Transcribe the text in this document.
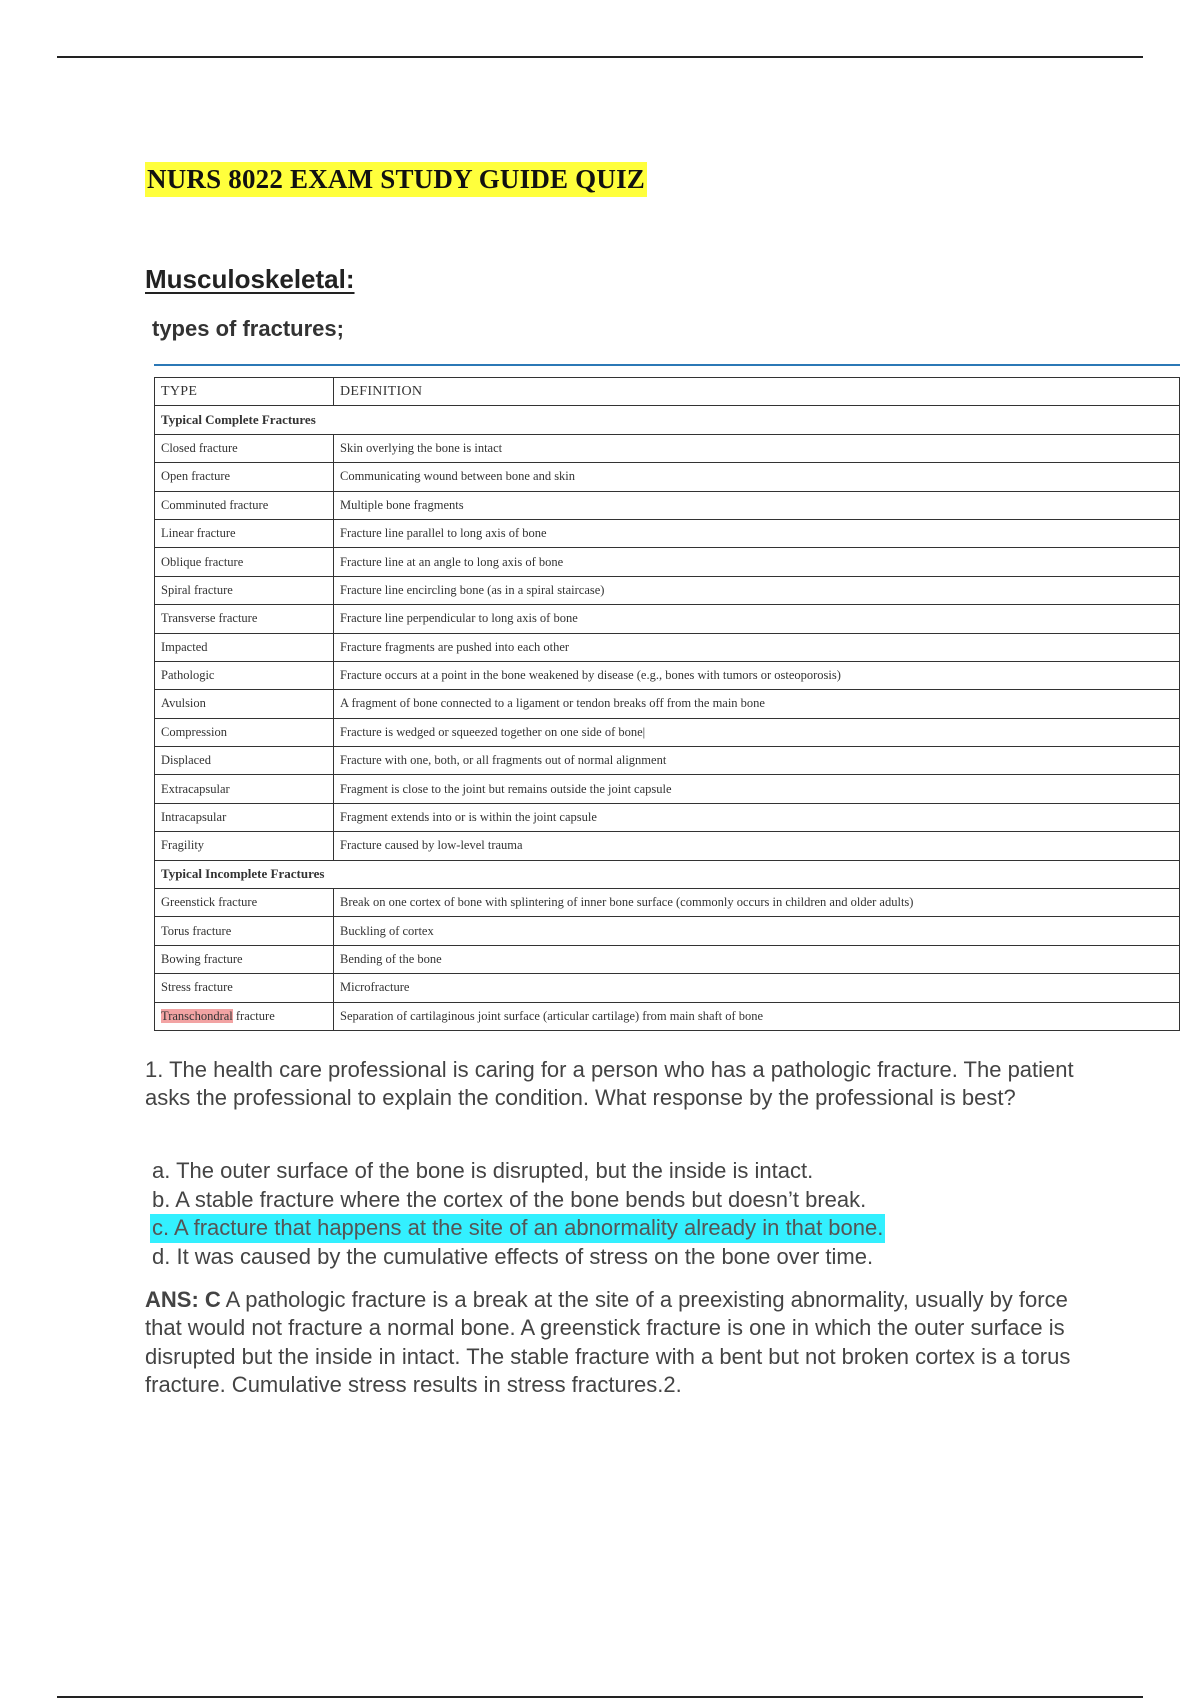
NURS 8022 EXAM STUDY GUIDE QUIZ
Musculoskeletal:
types of fractures;
TYPE	DEFINITION
Typical Complete Fractures	
Closed fracture	Skin overlying the bone is intact
Open fracture	Communicating wound between bone and skin
Comminuted fracture	Multiple bone fragments
Linear fracture	Fracture line parallel to long axis of bone
Oblique fracture	Fracture line at an angle to long axis of bone
Spiral fracture	Fracture line encircling bone (as in a spiral staircase)
Transverse fracture	Fracture line perpendicular to long axis of bone
Impacted	Fracture fragments are pushed into each other
Pathologic	Fracture occurs at a point in the bone weakened by disease (e.g., bones with tumors or osteoporosis)
Avulsion	A fragment of bone connected to a ligament or tendon breaks off from the main bone
Compression	Fracture is wedged or squeezed together on one side of bone|
Displaced	Fracture with one, both, or all fragments out of normal alignment
Extracapsular	Fragment is close to the joint but remains outside the joint capsule
Intracapsular	Fragment extends into or is within the joint capsule
Fragility	Fracture caused by low-level trauma
Typical Incomplete Fractures	
Greenstick fracture	Break on one cortex of bone with splintering of inner bone surface (commonly occurs in children and older adults)
Torus fracture	Buckling of cortex
Bowing fracture	Bending of the bone
Stress fracture	Microfracture
Transchondral fracture	Separation of cartilaginous joint surface (articular cartilage) from main shaft of bone
1. The health care professional is caring for a person who has a pathologic fracture. The patient asks the professional to explain the condition. What response by the professional is best?
a. The outer surface of the bone is disrupted, but the inside is intact.
b. A stable fracture where the cortex of the bone bends but doesn’t break.
c. A fracture that happens at the site of an abnormality already in that bone.
d. It was caused by the cumulative effects of stress on the bone over time.
ANS: C A pathologic fracture is a break at the site of a preexisting abnormality, usually by force that would not fracture a normal bone. A greenstick fracture is one in which the outer surface is disrupted but the inside in intact. The stable fracture with a bent but not broken cortex is a torus fracture. Cumulative stress results in stress fractures.2.
